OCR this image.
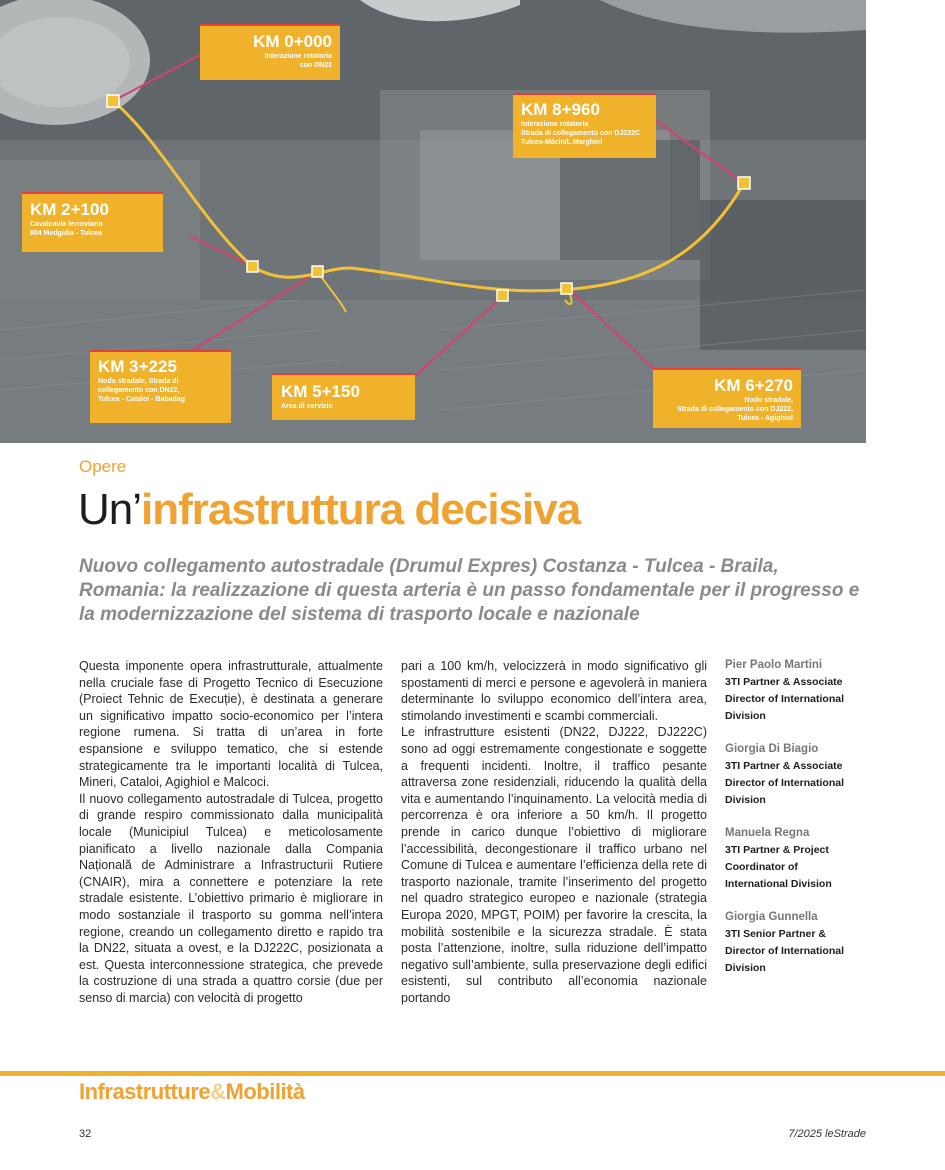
KM 0+000
Interazione rotatoria
con DN22
KM 8+960
Interazione rotatoria
Strada di collegamento con DJ222C
Tulcea-Măcin/L.Marghiol
KM 2+100
Cavalcavia ferroviario
804 Medgidia - Tulcea
KM 3+225
Nodo stradale, Strada di
collegamento con DN22,
Tulcea - Cataloi - Babadag	KM 5+150
Area di servizio
KM 6+270
Nodo stradale,
Strada di collegamento con DJ222,
Tulcea - Agighiol
Opere
Un’infrastruttura decisiva
Nuovo collegamento autostradale (Drumul Expres) Costanza - Tulcea - Braila, Romania: la realizzazione di questa arteria è un passo fondamentale per il progresso e la modernizzazione del sistema di trasporto locale e nazionale

Questa imponente opera infrastrutturale, attualmente nella cruciale fase di Progetto Tecnico di Esecuzione (Proiect Tehnic de Execuție), è destinata a generare un significativo impatto socio-economico per l’intera regione rumena. Si tratta di un’area in forte espansione e sviluppo tematico, che si estende strategicamente tra le importanti località di Tulcea, Mineri, Cataloi, Agighiol e Malcoci.

Il nuovo collegamento autostradale di Tulcea, progetto di grande respiro commissionato dalla municipalità locale (Municipiul Tulcea) e meticolosamente pianificato a livello nazionale dalla Compania Națională de Administrare a Infrastructurii Rutiere (CNAIR), mira a connettere e potenziare la rete stradale esistente. L’obiettivo primario è migliorare in modo sostanziale il trasporto su gomma nell’intera regione, creando un collegamento diretto e rapido tra la DN22, situata a ovest, e la DJ222C, posizionata a est. Questa interconnessione strategica, che prevede la costruzione di una strada a quattro corsie (due per senso di marcia) con velocità di progetto

pari a 100 km/h, velocizzerà in modo significativo gli spostamenti di merci e persone e agevolerà in maniera determinante lo sviluppo economico dell’intera area, stimolando investimenti e scambi commerciali.

Le infrastrutture esistenti (DN22, DJ222, DJ222C) sono ad oggi estremamente congestionate e soggette a frequenti incidenti. Inoltre, il traffico pesante attraversa zone residenziali, riducendo la qualità della vita e aumentando l’inquinamento. La velocità media di percorrenza è ora inferiore a 50 km/h. Il progetto prende in carico dunque l’obiettivo di migliorare l’accessibilità, decongestionare il traffico urbano nel Comune di Tulcea e aumentare l’efficienza della rete di trasporto nazionale, tramite l’inserimento del progetto nel quadro strategico europeo e nazionale (strategia Europa 2020, MPGT, POIM) per favorire la crescita, la mobilità sostenibile e la sicurezza stradale. È stata posta l’attenzione, inoltre, sulla riduzione dell’impatto negativo sull’ambiente, sulla preservazione degli edifici esistenti, sul contributo all’economia nazionale portando

Pier Paolo Martini
3TI Partner & Associate
Director of International
Division
Giorgia Di Biagio
3TI Partner & Associate
Director of International
Division
Manuela Regna
3TI Partner & Project
Coordinator of
International Division
Giorgia Gunnella
3TI Senior Partner &
Director of International
Division
Infrastrutture&Mobilità
32	7/2025 leStrade
